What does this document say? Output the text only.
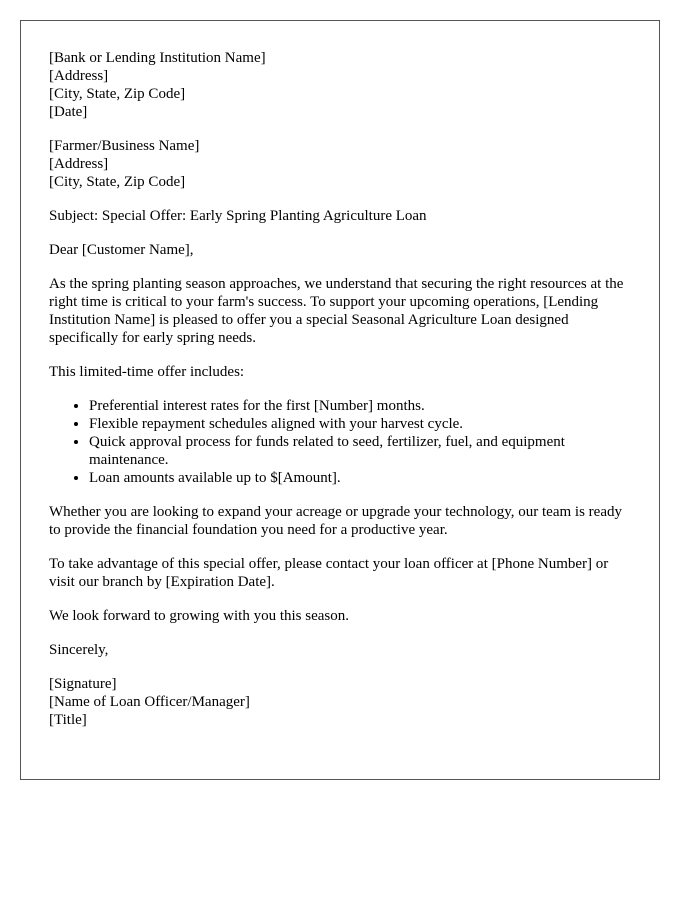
[Bank or Lending Institution Name]
[Address]
[City, State, Zip Code]
[Date]
[Farmer/Business Name]
[Address]
[City, State, Zip Code]

Subject: Special Offer: Early Spring Planting Agriculture Loan

Dear [Customer Name],

As the spring planting season approaches, we understand that securing the right resources at the right time is critical to your farm's success. To support your upcoming operations, [Lending Institution Name] is pleased to offer you a special Seasonal Agriculture Loan designed specifically for early spring needs.

This limited-time offer includes:

• Preferential interest rates for the first [Number] months.
• Flexible repayment schedules aligned with your harvest cycle.
• Quick approval process for funds related to seed, fertilizer, fuel, and equipment maintenance.
• Loan amounts available up to $[Amount].

Whether you are looking to expand your acreage or upgrade your technology, our team is ready to provide the financial foundation you need for a productive year.

To take advantage of this special offer, please contact your loan officer at [Phone Number] or visit our branch by [Expiration Date].

We look forward to growing with you this season.

Sincerely,

[Signature]
[Name of Loan Officer/Manager]
[Title]
